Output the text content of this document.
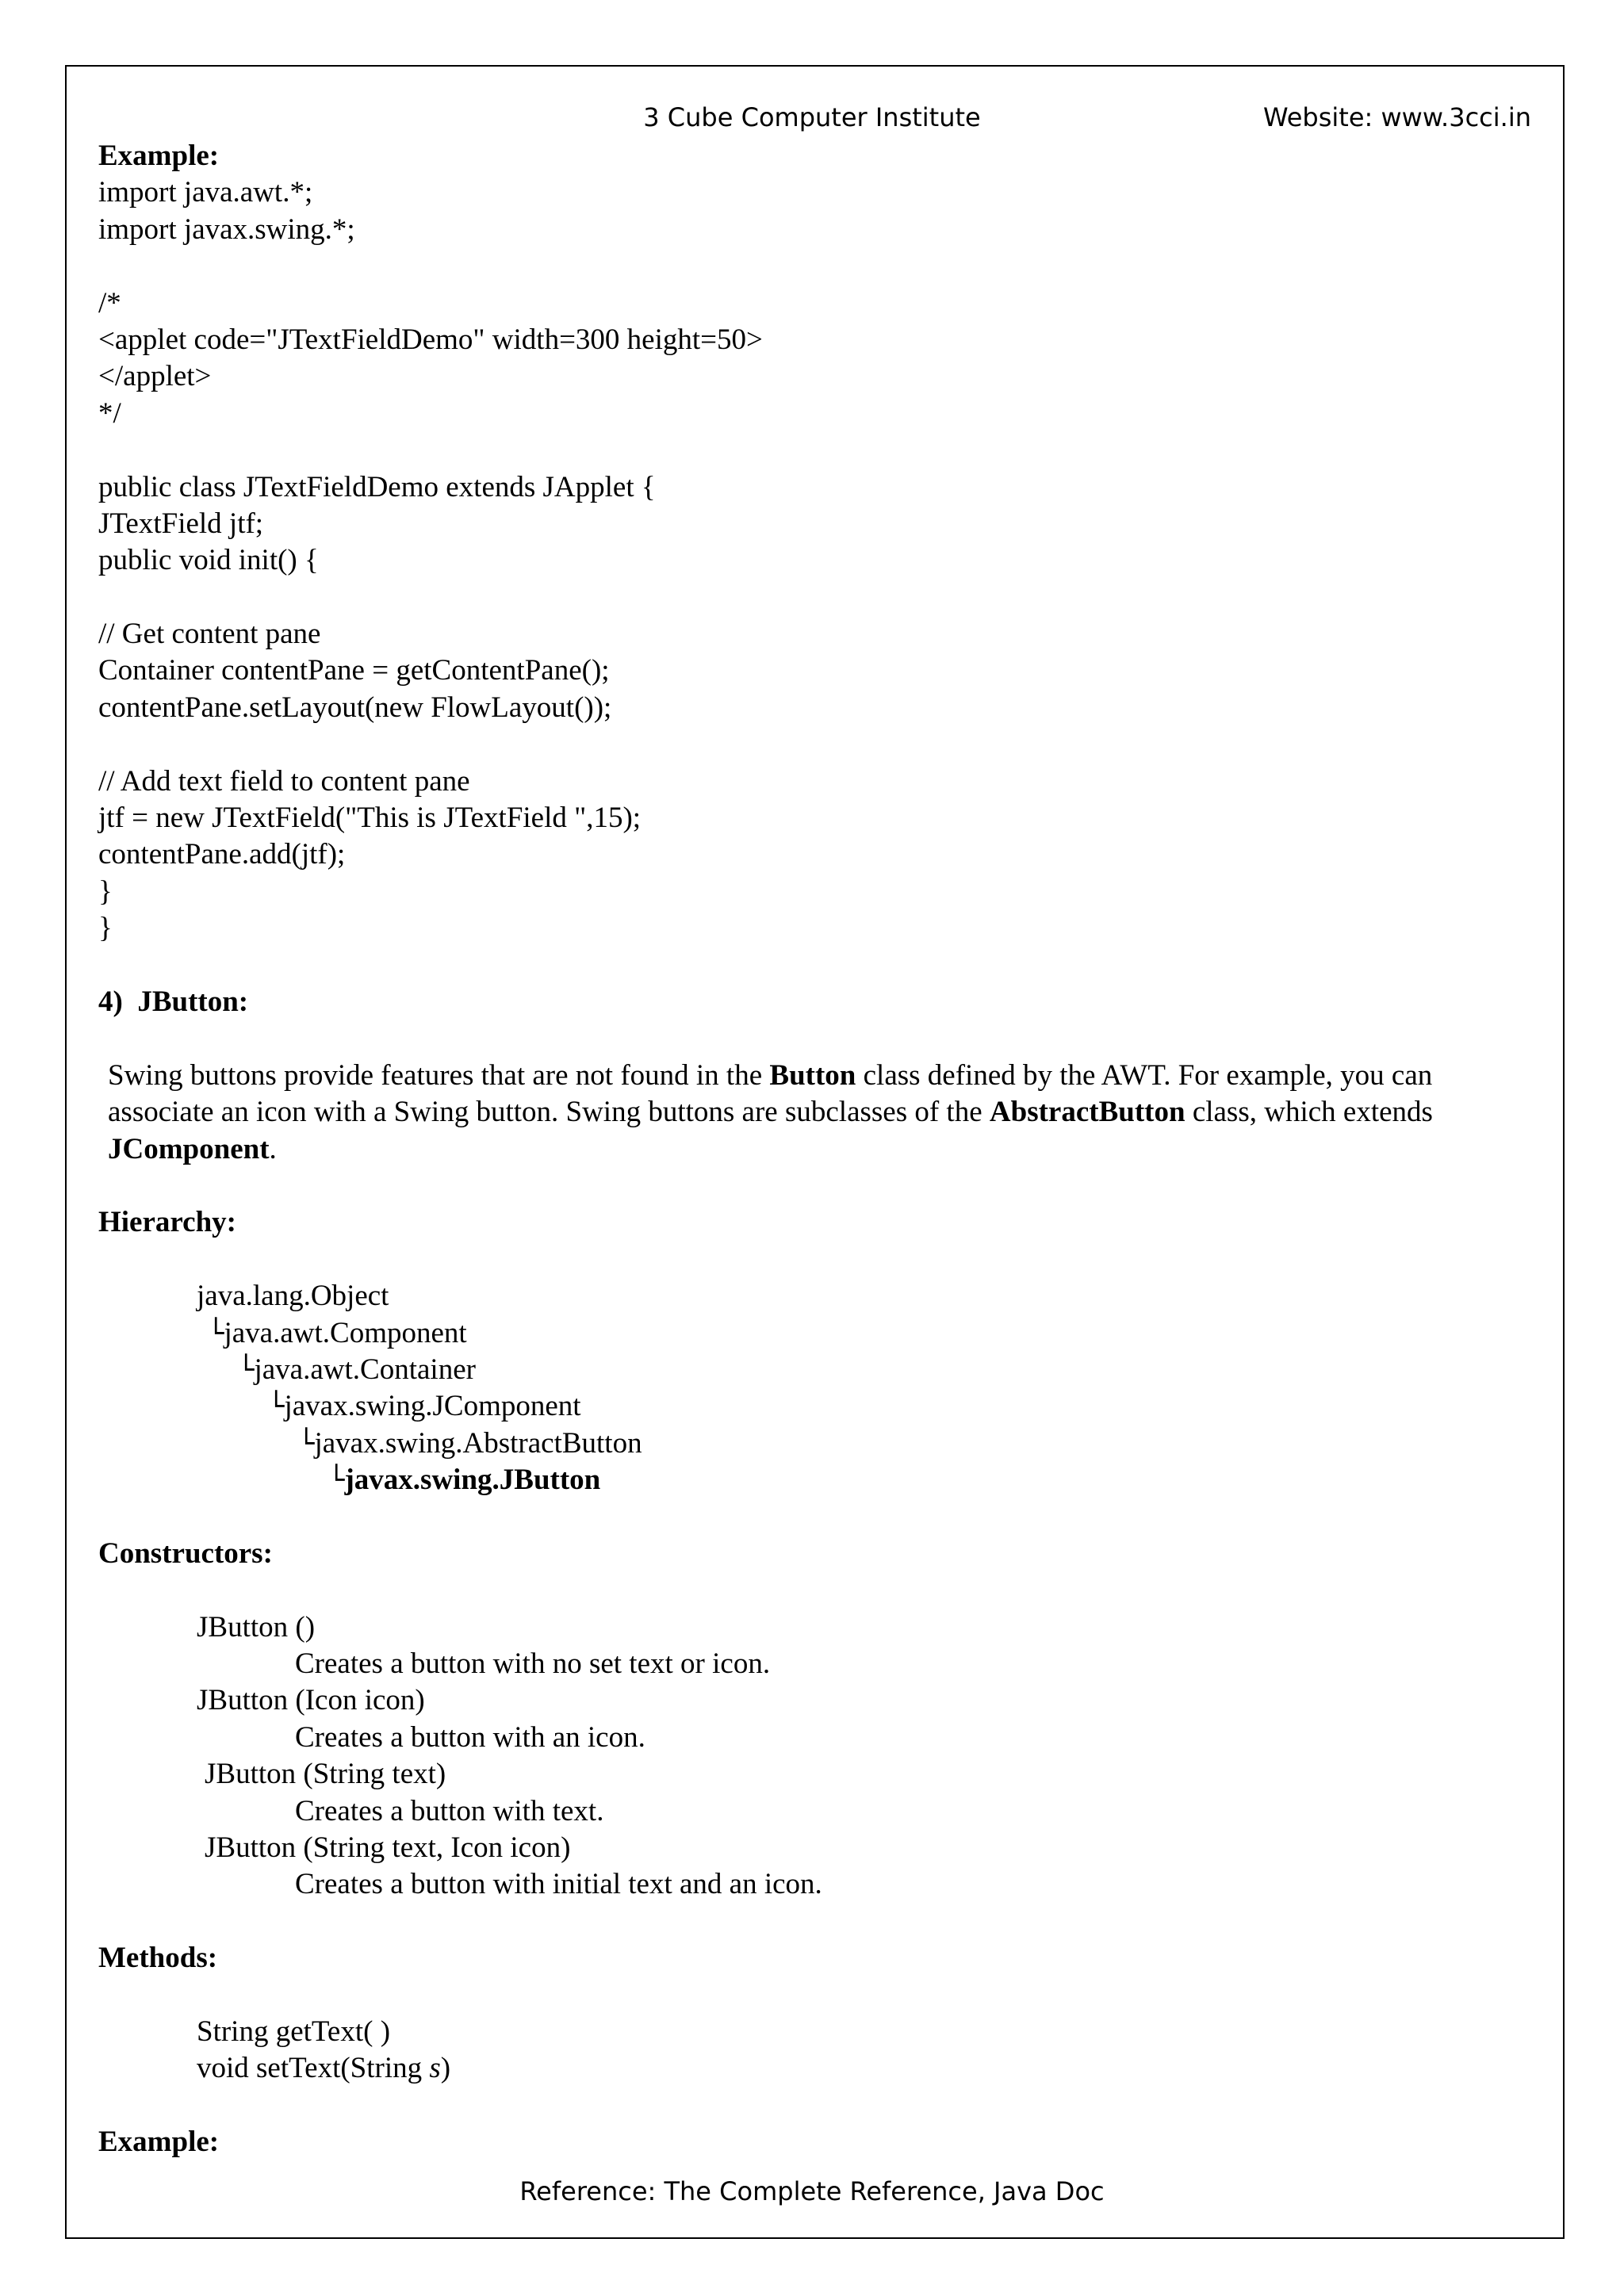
3 Cube Computer Institute	Website: www.3cci.in
Example:
import java.awt.*;
import javax.swing.*;
/*
<applet code="JTextFieldDemo" width=300 height=50>
</applet>
*/
public class JTextFieldDemo extends JApplet {
JTextField jtf;
public void init() {
// Get content pane
Container contentPane = getContentPane();
contentPane.setLayout(new FlowLayout());
// Add text field to content pane
jtf = new JTextField("This is JTextField ",15);
contentPane.add(jtf);
}
}
4)  JButton:
Swing buttons provide features that are not found in the Button class defined by the AWT. For example, you can associate an icon with a Swing button. Swing buttons are subclasses of the AbstractButton class, which extends JComponent.
Hierarchy:
java.lang.Object
└java.awt.Component
└java.awt.Container
└javax.swing.JComponent
└javax.swing.AbstractButton
└javax.swing.JButton
Constructors:
JButton ()
Creates a button with no set text or icon.
JButton (Icon icon)
Creates a button with an icon.
JButton (String text)
Creates a button with text.
JButton (String text, Icon icon)
Creates a button with initial text and an icon.
Methods:
String getText( )
void setText(String s)
Example:
Reference: The Complete Reference, Java Doc
